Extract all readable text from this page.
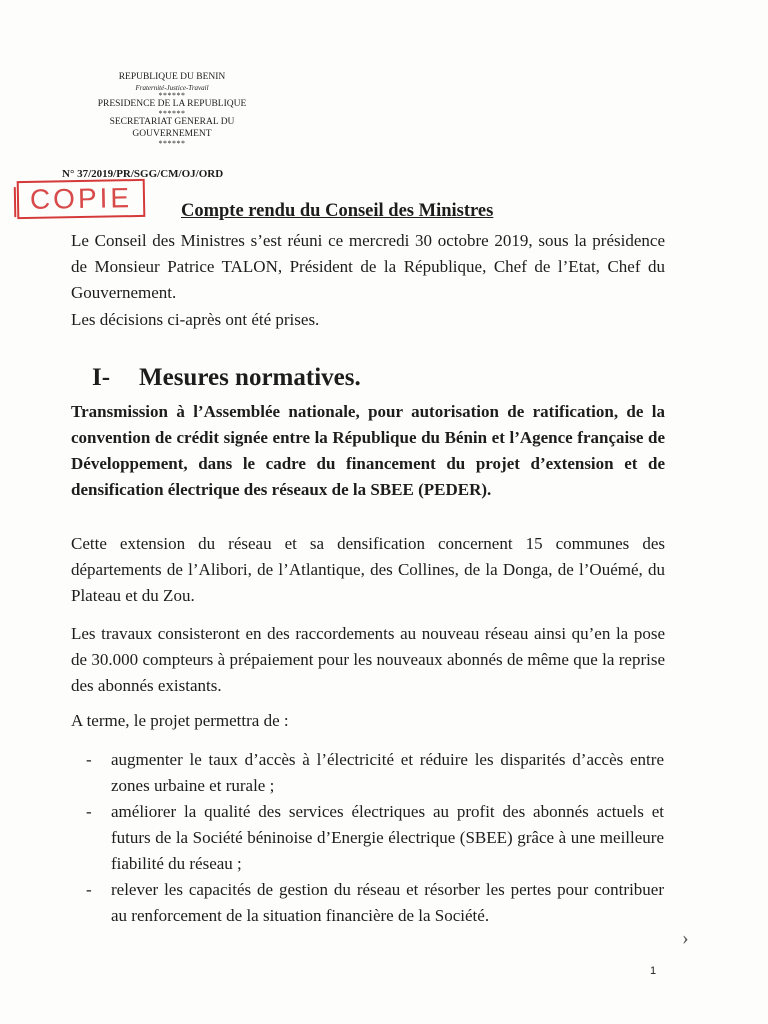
REPUBLIQUE DU BENIN
Fraternité-Justice-Travail
******
PRESIDENCE DE LA REPUBLIQUE
******
SECRETARIAT GENERAL DU
GOUVERNEMENT
******
N° 37/2019/PR/SGG/CM/OJ/ORD
COPIE	Compte rendu du Conseil des Ministres

Le Conseil des Ministres s’est réuni ce mercredi 30 octobre 2019, sous la présidence de Monsieur Patrice TALON, Président de la République, Chef de l’Etat, Chef du Gouvernement.

Les décisions ci-après ont été prises.

I- Mesures normatives.

Transmission à l’Assemblée nationale, pour autorisation de ratification, de la convention de crédit signée entre la République du Bénin et l’Agence française de Développement, dans le cadre du financement du projet d’extension et de densification électrique des réseaux de la SBEE (PEDER).

Cette extension du réseau et sa densification concernent 15 communes des départements de l’Alibori, de l’Atlantique, des Collines, de la Donga, de l’Ouémé, du Plateau et du Zou.

Les travaux consisteront en des raccordements au nouveau réseau ainsi qu’en la pose de 30.000 compteurs à prépaiement pour les nouveaux abonnés de même que la reprise des abonnés existants.

A terme, le projet permettra de :

- augmenter le taux d’accès à l’électricité et réduire les disparités d’accès entre zones urbaine et rurale ;
- améliorer la qualité des services électriques au profit des abonnés actuels et futurs de la Société béninoise d’Energie électrique (SBEE) grâce à une meilleure fiabilité du réseau ;
- relever les capacités de gestion du réseau et résorber les pertes pour contribuer au renforcement de la situation financière de la Société.
›
1
